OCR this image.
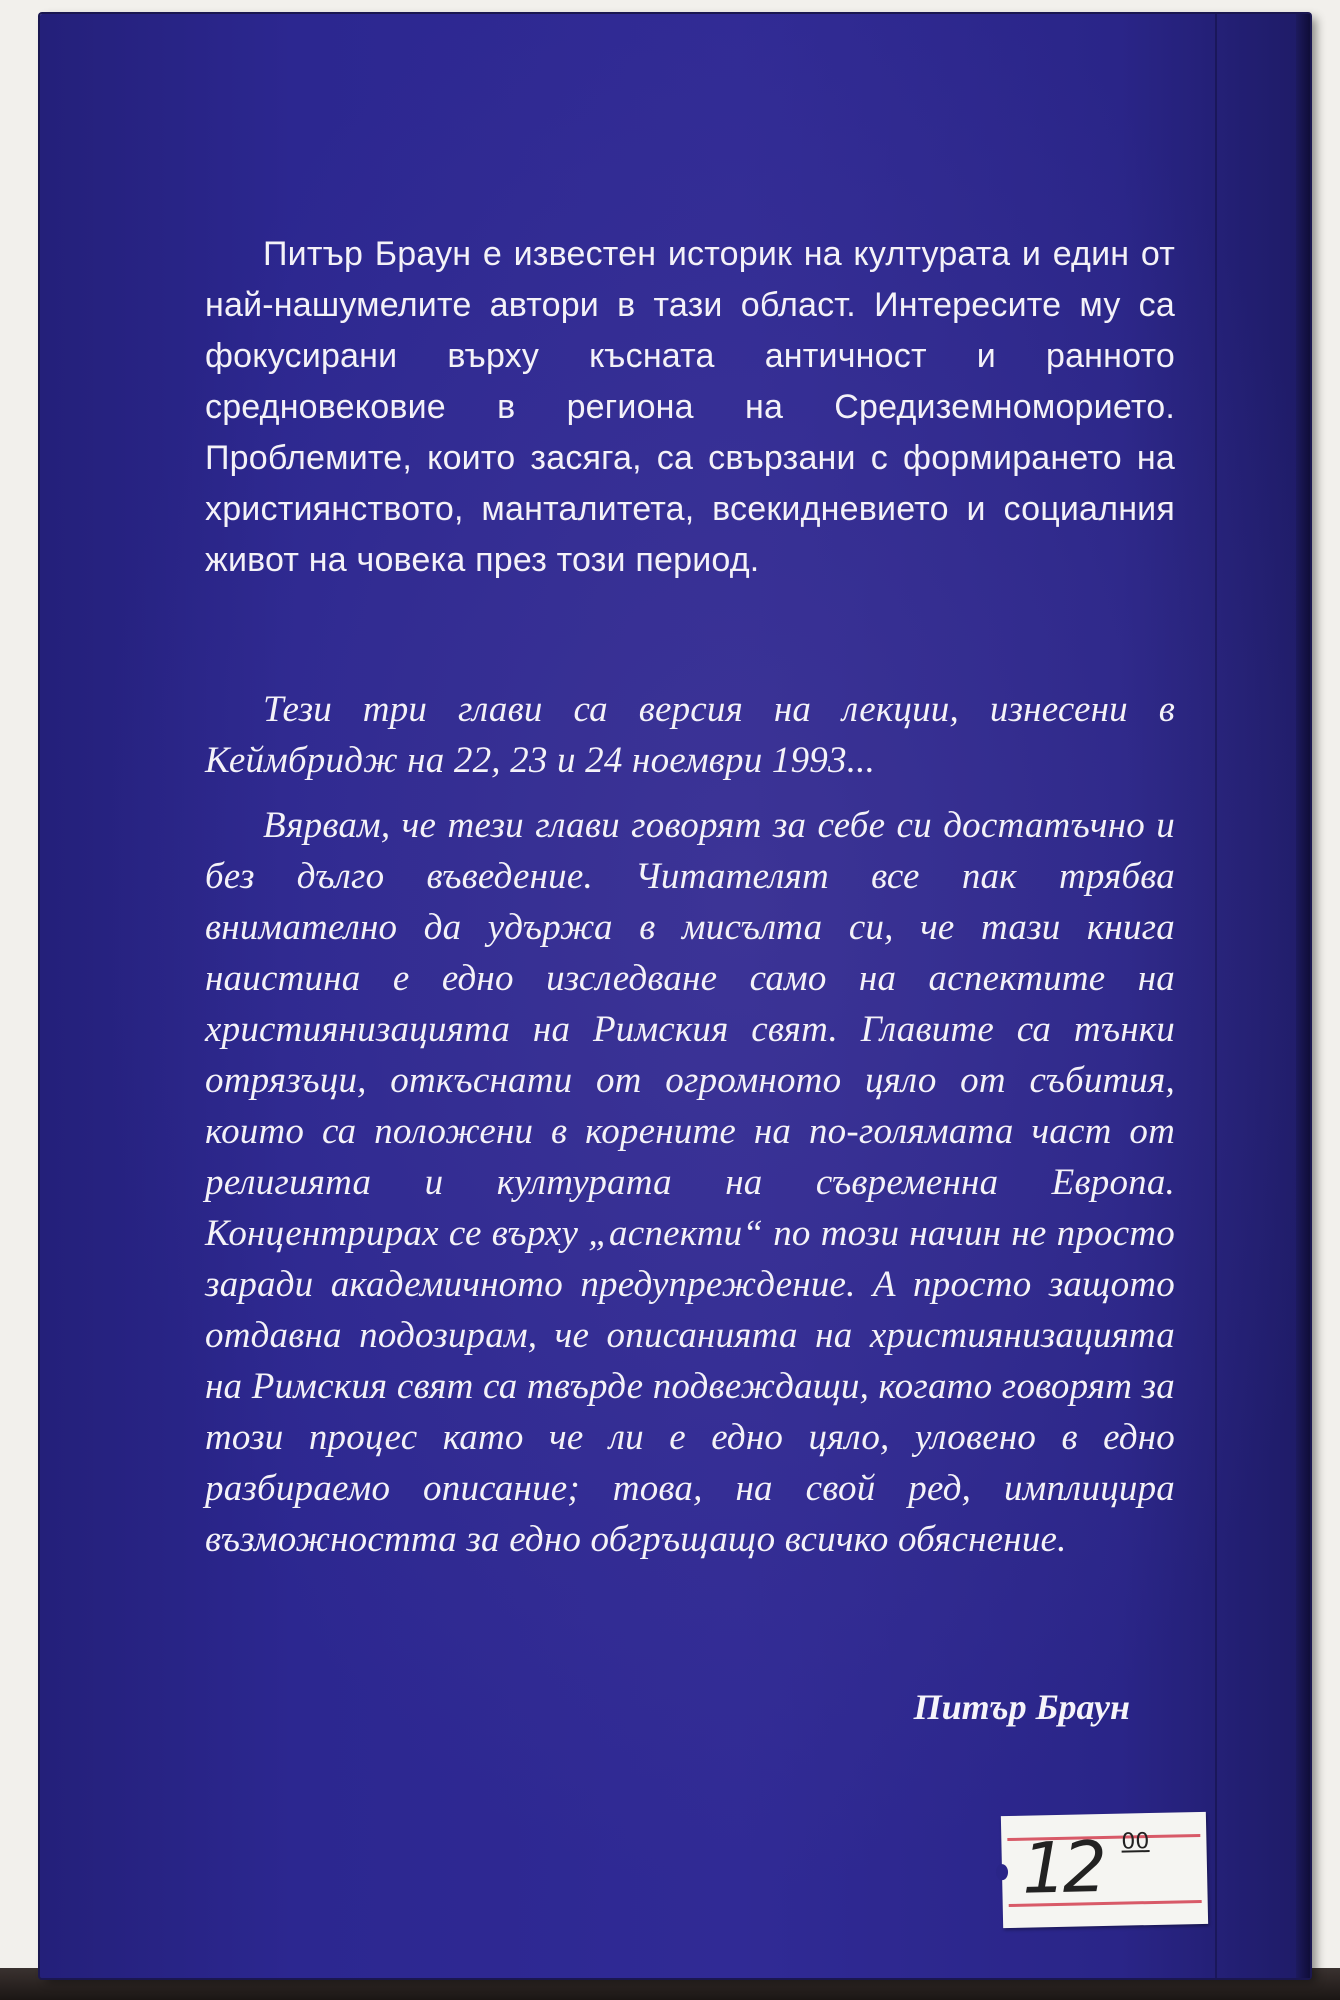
Питър Браун е известен историк на културата и един от най-нашумелите автори в тази област. Интересите му са фокусирани върху късната античност и ранното средновековие в региона на Средиземноморието. Проблемите, които засяга, са свързани с формирането на християнството, манталитета, всекидневието и социалния живот на човека през този период.

Тези три глави са версия на лекции, изнесени в Кеймбридж на 22, 23 и 24 ноември 1993...

Вярвам, че тези глави говорят за себе си достатъчно и без дълго въведение. Читателят все пак трябва внимателно да удържа в мисълта си, че тази книга наистина е едно изследване само на аспектите на християнизацията на Римския свят. Главите са тънки отрязъци, откъснати от огромното цяло от събития, които са положени в корените на по-голямата част от религията и културата на съвременна Европа. Концентрирах се върху „аспекти“ по този начин не просто заради академичното предупреждение. А просто защото отдавна подозирам, че описанията на християнизацията на Римския свят са твърде подвеждащи, когато говорят за този процес като че ли е едно цяло, уловено в едно разбираемо описание; това, на свой ред, имплицира възможността за едно обгръщащо всичко обяснение.

Питър Браун
12 00
